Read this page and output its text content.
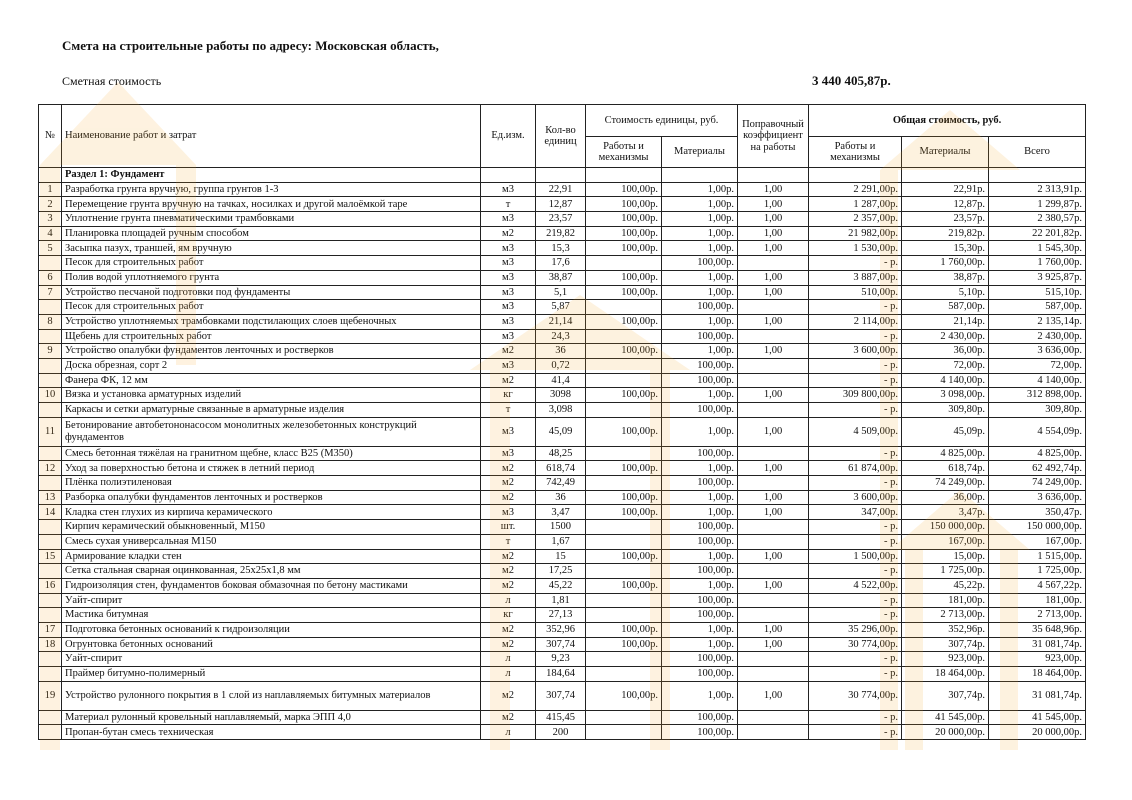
Смета на строительные работы по адресу: Московская область,
Сметная стоимость	3 440 405,87р.
№	Наименование работ и затрат	Ед.изм.	Кол-во единиц	Стоимость единицы, руб.		Поправочный коэффициент на работы	Общая стоимость, руб.		
				Работы и механизмы	Материалы		Работы и механизмы	Материалы	Всего
	Раздел 1: Фундамент								
1	Разработка грунта вручную, группа грунтов 1-3	м3	22,91	100,00р.	1,00р.	1,00	2 291,00р.	22,91р.	2 313,91р.
2	Перемещение грунта вручную на тачках, носилках и другой малоёмкой таре	т	12,87	100,00р.	1,00р.	1,00	1 287,00р.	12,87р.	1 299,87р.
3	Уплотнение грунта пневматическими трамбовками	м3	23,57	100,00р.	1,00р.	1,00	2 357,00р.	23,57р.	2 380,57р.
4	Планировка площадей ручным способом	м2	219,82	100,00р.	1,00р.	1,00	21 982,00р.	219,82р.	22 201,82р.
5	Засыпка пазух, траншей, ям вручную	м3	15,3	100,00р.	1,00р.	1,00	1 530,00р.	15,30р.	1 545,30р.
	Песок для строительных работ	м3	17,6		100,00р.		- р.	1 760,00р.	1 760,00р.
6	Полив водой уплотняемого грунта	м3	38,87	100,00р.	1,00р.	1,00	3 887,00р.	38,87р.	3 925,87р.
7	Устройство песчаной подготовки под фундаменты	м3	5,1	100,00р.	1,00р.	1,00	510,00р.	5,10р.	515,10р.
	Песок для строительных работ	м3	5,87		100,00р.		- р.	587,00р.	587,00р.
8	Устройство уплотняемых трамбовками подстилающих слоев щебеночных	м3	21,14	100,00р.	1,00р.	1,00	2 114,00р.	21,14р.	2 135,14р.
	Щебень для строительных работ	м3	24,3		100,00р.		- р.	2 430,00р.	2 430,00р.
9	Устройство опалубки фундаментов ленточных и ростверков	м2	36	100,00р.	1,00р.	1,00	3 600,00р.	36,00р.	3 636,00р.
	Доска обрезная, сорт 2	м3	0,72		100,00р.		- р.	72,00р.	72,00р.
	Фанера ФК, 12 мм	м2	41,4		100,00р.		- р.	4 140,00р.	4 140,00р.
10	Вязка и установка арматурных изделий	кг	3098	100,00р.	1,00р.	1,00	309 800,00р.	3 098,00р.	312 898,00р.
	Каркасы и сетки арматурные связанные в арматурные изделия	т	3,098		100,00р.		- р.	309,80р.	309,80р.
11	Бетонирование автобетононасосом монолитных железобетонных конструкций фундаментов	м3	45,09	100,00р.	1,00р.	1,00	4 509,00р.	45,09р.	4 554,09р.
	Смесь бетонная тяжёлая на гранитном щебне, класс В25 (М350)	м3	48,25		100,00р.		- р.	4 825,00р.	4 825,00р.
12	Уход за поверхностью бетона и стяжек в летний период	м2	618,74	100,00р.	1,00р.	1,00	61 874,00р.	618,74р.	62 492,74р.
	Плёнка полиэтиленовая	м2	742,49		100,00р.		- р.	74 249,00р.	74 249,00р.
13	Разборка опалубки фундаментов ленточных и ростверков	м2	36	100,00р.	1,00р.	1,00	3 600,00р.	36,00р.	3 636,00р.
14	Кладка стен глухих из кирпича керамического	м3	3,47	100,00р.	1,00р.	1,00	347,00р.	3,47р.	350,47р.
	Кирпич керамический обыкновенный, М150	шт.	1500		100,00р.		- р.	150 000,00р.	150 000,00р.
	Смесь сухая универсальная М150	т	1,67		100,00р.		- р.	167,00р.	167,00р.
15	Армирование кладки стен	м2	15	100,00р.	1,00р.	1,00	1 500,00р.	15,00р.	1 515,00р.
	Сетка стальная сварная оцинкованная, 25х25х1,8 мм	м2	17,25		100,00р.		- р.	1 725,00р.	1 725,00р.
16	Гидроизоляция стен, фундаментов боковая обмазочная по бетону мастиками	м2	45,22	100,00р.	1,00р.	1,00	4 522,00р.	45,22р.	4 567,22р.
	Уайт-спирит	л	1,81		100,00р.		- р.	181,00р.	181,00р.
	Мастика битумная	кг	27,13		100,00р.		- р.	2 713,00р.	2 713,00р.
17	Подготовка бетонных оснований к гидроизоляции	м2	352,96	100,00р.	1,00р.	1,00	35 296,00р.	352,96р.	35 648,96р.
18	Огрунтовка бетонных оснований	м2	307,74	100,00р.	1,00р.	1,00	30 774,00р.	307,74р.	31 081,74р.
	Уайт-спирит	л	9,23		100,00р.		- р.	923,00р.	923,00р.
	Праймер битумно-полимерный	л	184,64		100,00р.		- р.	18 464,00р.	18 464,00р.
19	Устройство рулонного покрытия в 1 слой из наплавляемых битумных материалов	м2	307,74	100,00р.	1,00р.	1,00	30 774,00р.	307,74р.	31 081,74р.
	Материал рулонный кровельный наплавляемый, марка ЭПП 4,0	м2	415,45		100,00р.		- р.	41 545,00р.	41 545,00р.
	Пропан-бутан смесь техническая	л	200		100,00р.		- р.	20 000,00р.	20 000,00р.
